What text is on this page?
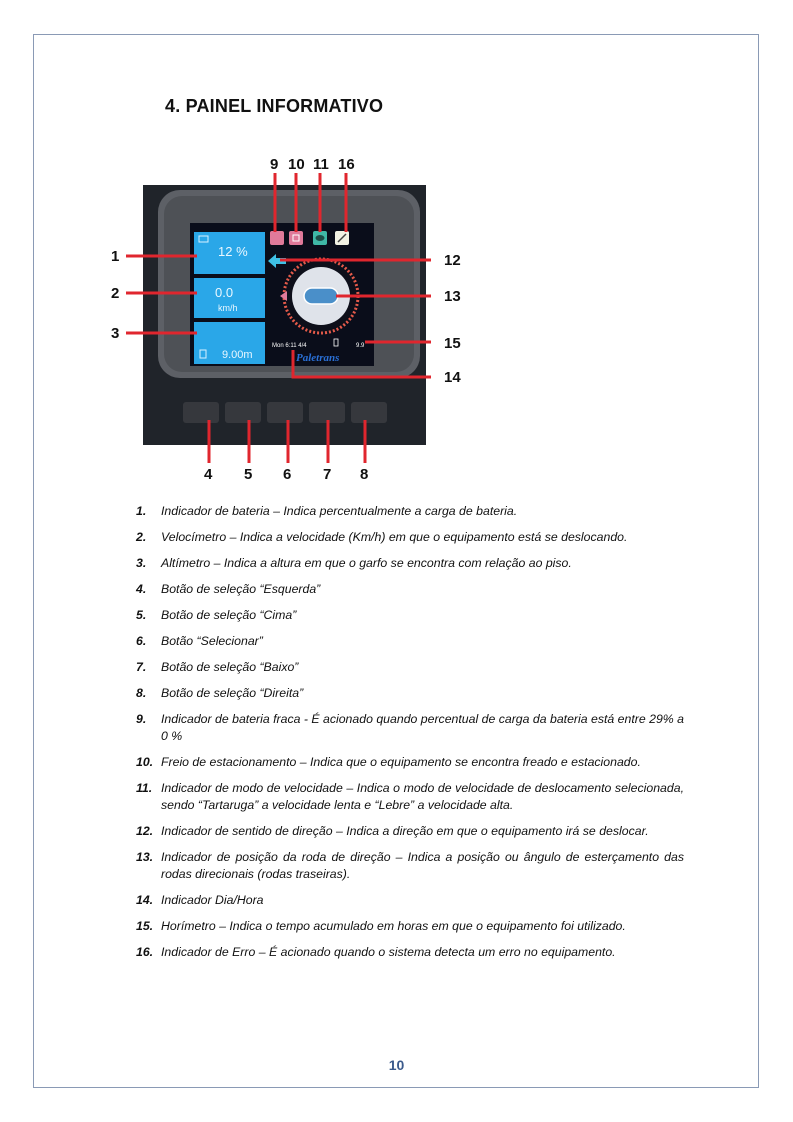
4. PAINEL INFORMATIVO
12 %
0.0
km/h
9.00m
Mon 6:11 4/4	9.9
Paletrans
1
2
3
9 10 11 16
12
13
15
14
4 5 6 7 8
1. Indicador de bateria – Indica percentualmente a carga de bateria.
2. Velocímetro – Indica a velocidade (Km/h) em que o equipamento está se deslocando.
3. Altímetro – Indica a altura em que o garfo se encontra com relação ao piso.
4. Botão de seleção “Esquerda”
5. Botão de seleção “Cima”
6. Botão “Selecionar”
7. Botão de seleção “Baixo”
8. Botão de seleção “Direita”
9. Indicador de bateria fraca - É acionado quando percentual de carga da bateria está entre 29% a 0 %
10. Freio de estacionamento – Indica que o equipamento se encontra freado e estacionado.
11. Indicador de modo de velocidade – Indica o modo de velocidade de deslocamento selecionada, sendo “Tartaruga” a velocidade lenta e “Lebre” a velocidade alta.
12. Indicador de sentido de direção – Indica a direção em que o equipamento irá se deslocar.
13. Indicador de posição da roda de direção – Indica a posição ou ângulo de esterçamento das rodas direcionais (rodas traseiras).
14. Indicador Dia/Hora
15. Horímetro – Indica o tempo acumulado em horas em que o equipamento foi utilizado.
16. Indicador de Erro – É acionado quando o sistema detecta um erro no equipamento.
10
